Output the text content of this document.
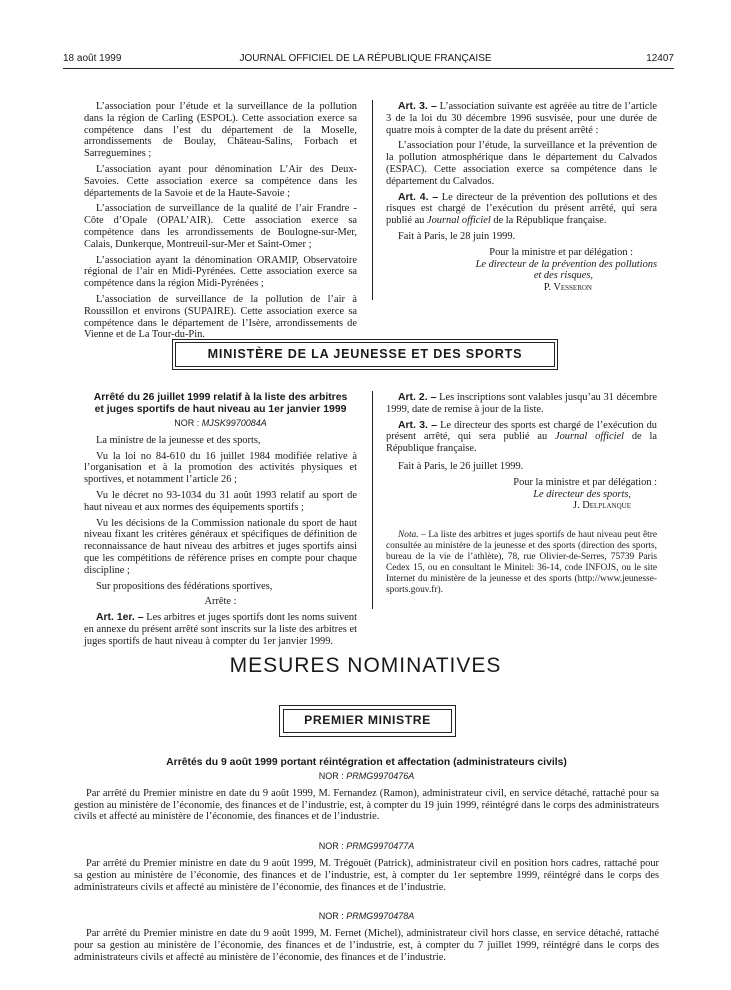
18 août 1999	JOURNAL OFFICIEL DE LA RÉPUBLIQUE FRANÇAISE	12407

L’association pour l’étude et la surveillance de la pollution dans la région de Carling (ESPOL). Cette association exerce sa compétence dans l’est du département de la Moselle, arrondissements de Boulay, Château-Salins, Forbach et Sarreguemines ;

L’association ayant pour dénomination L’Air des Deux-Savoies. Cette association exerce sa compétence dans les départements de la Savoie et de la Haute-Savoie ;

L’association de surveillance de la qualité de l’air Frandre - Côte d’Opale (OPAL’AIR). Cette association exerce sa compétence dans les arrondissements de Boulogne-sur-Mer, Calais, Dunkerque, Montreuil-sur-Mer et Saint-Omer ;

L’association ayant la dénomination ORAMIP, Observatoire régional de l’air en Midi-Pyrénées. Cette association exerce sa compétence dans la région Midi-Pyrénées ;

L’association de surveillance de la pollution de l’air à Roussillon et environs (SUPAIRE). Cette association exerce sa compétence dans le département de l’Isère, arrondissements de Vienne et de La Tour-du-Pin.

Art. 3. – L’association suivante est agréée au titre de l’article 3 de la loi du 30 décembre 1996 susvisée, pour une durée de quatre mois à compter de la date du présent arrêté :

L’association pour l’étude, la surveillance et la prévention de la pollution atmosphérique dans le département du Calvados (ESPAC). Cette association exerce sa compétence dans le département du Calvados.

Art. 4. – Le directeur de la prévention des pollutions et des risques est chargé de l’exécution du présent arrêté, qui sera publié au Journal officiel de la République française.

Fait à Paris, le 28 juin 1999.

Pour la ministre et par délégation :

Le directeur de la prévention des pollutions

et des risques,

P. Vesseron

MINISTÈRE DE LA JEUNESSE ET DES SPORTS

Arrêté du 26 juillet 1999 relatif à la liste des arbitres

et juges sportifs de haut niveau au 1er janvier 1999

NOR : MJSK9970084A

La ministre de la jeunesse et des sports,

Vu la loi no 84-610 du 16 juillet 1984 modifiée relative à l’organisation et à la promotion des activités physiques et sportives, et notamment l’article 26 ;

Vu le décret no 93-1034 du 31 août 1993 relatif au sport de haut niveau et aux normes des équipements sportifs ;

Vu les décisions de la Commission nationale du sport de haut niveau fixant les critères généraux et spécifiques de définition de reconnaissance de haut niveau des arbitres et juges sportifs ainsi que les compétitions de référence prises en compte pour chaque discipline ;

Sur propositions des fédérations sportives,

Arrête :

Art. 1er. – Les arbitres et juges sportifs dont les noms suivent en annexe du présent arrêté sont inscrits sur la liste des arbitres et juges sportifs de haut niveau à compter du 1er janvier 1999.

Art. 2. – Les inscriptions sont valables jusqu’au 31 décembre 1999, date de remise à jour de la liste.

Art. 3. – Le directeur des sports est chargé de l’exécution du présent arrêté, qui sera publié au Journal officiel de la République française.

Fait à Paris, le 26 juillet 1999.

Pour la ministre et par délégation :

Le directeur des sports,

J. Delplanque

Nota. – La liste des arbitres et juges sportifs de haut niveau peut être consultée au ministère de la jeunesse et des sports (direction des sports, bureau de la vie de l’athlète), 78, rue Olivier-de-Serres, 75739 Paris Cedex 15, ou en consultant le Minitel: 36-14, code INFOJS, ou le site Internet du ministère de la jeunesse et des sports (http://www.jeunesse-sports.gouv.fr).

MESURES NOMINATIVES
PREMIER MINISTRE

Arrêtés du 9 août 1999 portant réintégration et affectation (administrateurs civils)

NOR : PRMG9970476A

Par arrêté du Premier ministre en date du 9 août 1999, M. Fernandez (Ramon), administrateur civil, en service détaché, rattaché pour sa gestion au ministère de l’économie, des finances et de l’industrie, est, à compter du 19 juin 1999, réintégré dans le corps des administrateurs civils et affecté au ministère de l’économie, des finances et de l’industrie.

NOR : PRMG9970477A

Par arrêté du Premier ministre en date du 9 août 1999, M. Trégouët (Patrick), administrateur civil en position hors cadres, rattaché pour sa gestion au ministère de l’économie, des finances et de l’industrie, est, à compter du 1er septembre 1999, réintégré dans le corps des administrateurs civils et affecté au ministère de l’économie, des finances et de l’industrie.

NOR : PRMG9970478A

Par arrêté du Premier ministre en date du 9 août 1999, M. Fernet (Michel), administrateur civil hors classe, en service détaché, rattaché pour sa gestion au ministère de l’économie, des finances et de l’industrie, est, à compter du 7 juillet 1999, réintégré dans le corps des administrateurs civils et affecté au ministère de l’économie, des finances et de l’industrie.
